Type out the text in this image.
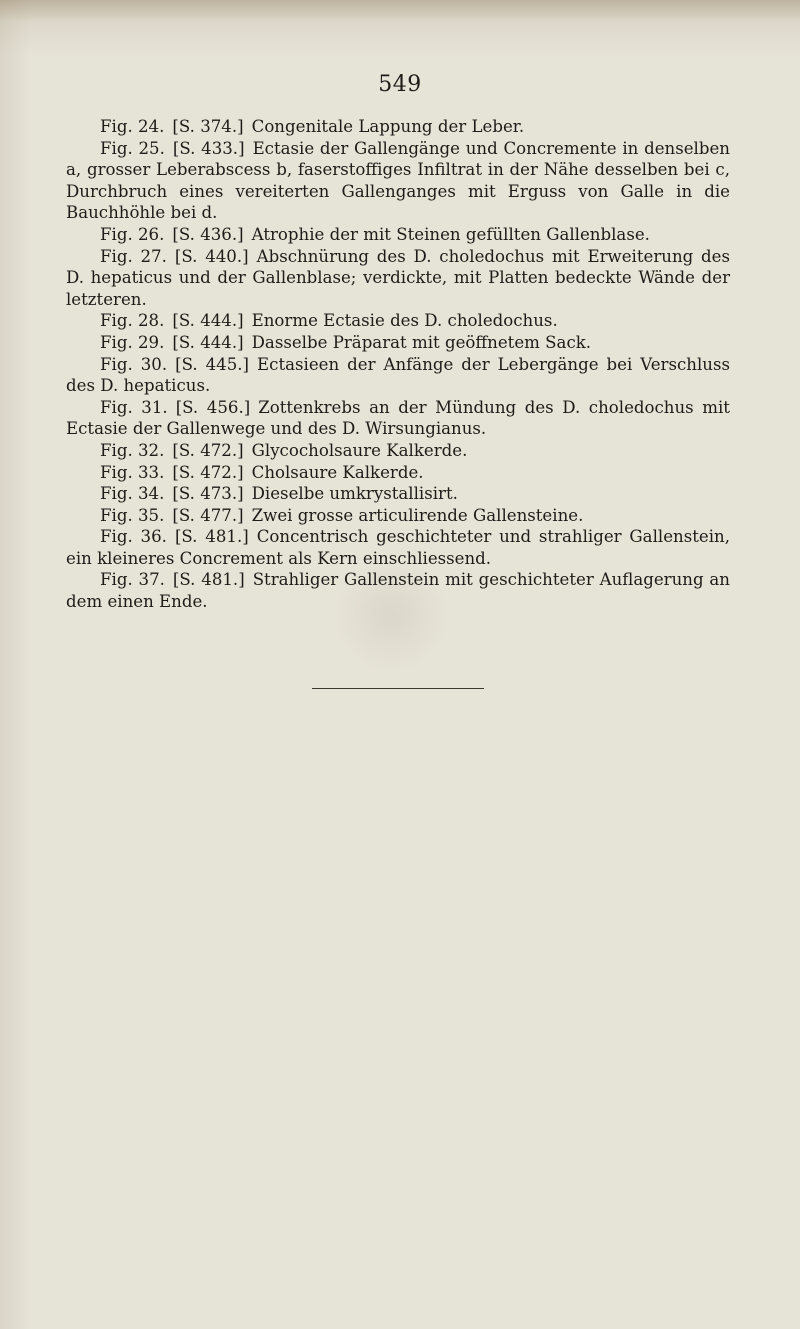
549

Fig. 24. [S. 374.] Congenitale Lappung der Leber.

Fig. 25. [S. 433.] Ectasie der Gallengänge und Concremente in denselben a, grosser Leberabscess b, faserstoffiges Infiltrat in der Nähe desselben bei c, Durchbruch eines vereiterten Gallenganges mit Erguss von Galle in die Bauchhöhle bei d.

Fig. 26. [S. 436.] Atrophie der mit Steinen gefüllten Gallenblase.

Fig. 27. [S. 440.] Abschnürung des D. choledochus mit Erweiterung des D. hepaticus und der Gallenblase; verdickte, mit Platten bedeckte Wände der letzteren.

Fig. 28. [S. 444.] Enorme Ectasie des D. choledochus.

Fig. 29. [S. 444.] Dasselbe Präparat mit geöffnetem Sack.

Fig. 30. [S. 445.] Ectasieen der Anfänge der Lebergänge bei Verschluss des D. hepaticus.

Fig. 31. [S. 456.] Zottenkrebs an der Mündung des D. choledochus mit Ectasie der Gallenwege und des D. Wirsungianus.

Fig. 32. [S. 472.] Glycocholsaure Kalkerde.

Fig. 33. [S. 472.] Cholsaure Kalkerde.

Fig. 34. [S. 473.] Dieselbe umkrystallisirt.

Fig. 35. [S. 477.] Zwei grosse articulirende Gallensteine.

Fig. 36. [S. 481.] Concentrisch geschichteter und strahliger Gallenstein, ein kleineres Concrement als Kern einschliessend.

Fig. 37. [S. 481.] Strahliger Gallenstein mit geschichteter Auflagerung an dem einen Ende.
